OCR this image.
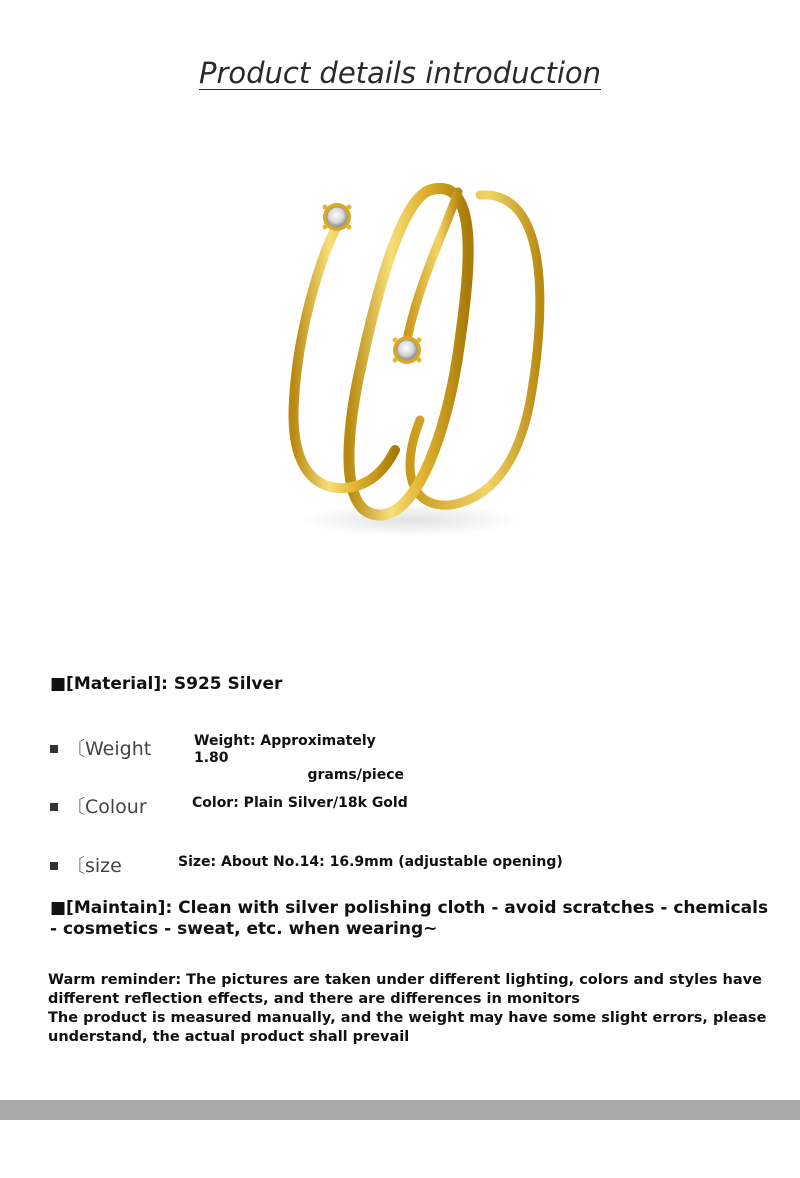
Product details introduction
■[Material]: S925 Silver
〔Weight	Weight: Approximately 1.80
grams/piece
〔Colour	Color: Plain Silver/18k Gold
〔size	Size: About No.14: 16.9mm (adjustable opening)
■[Maintain]: Clean with silver polishing cloth - avoid scratches - chemicals - cosmetics - sweat, etc. when wearing~

Warm reminder: The pictures are taken under different lighting, colors and styles have different reflection effects, and there are differences in monitors

The product is measured manually, and the weight may have some slight errors, please understand, the actual product shall prevail
